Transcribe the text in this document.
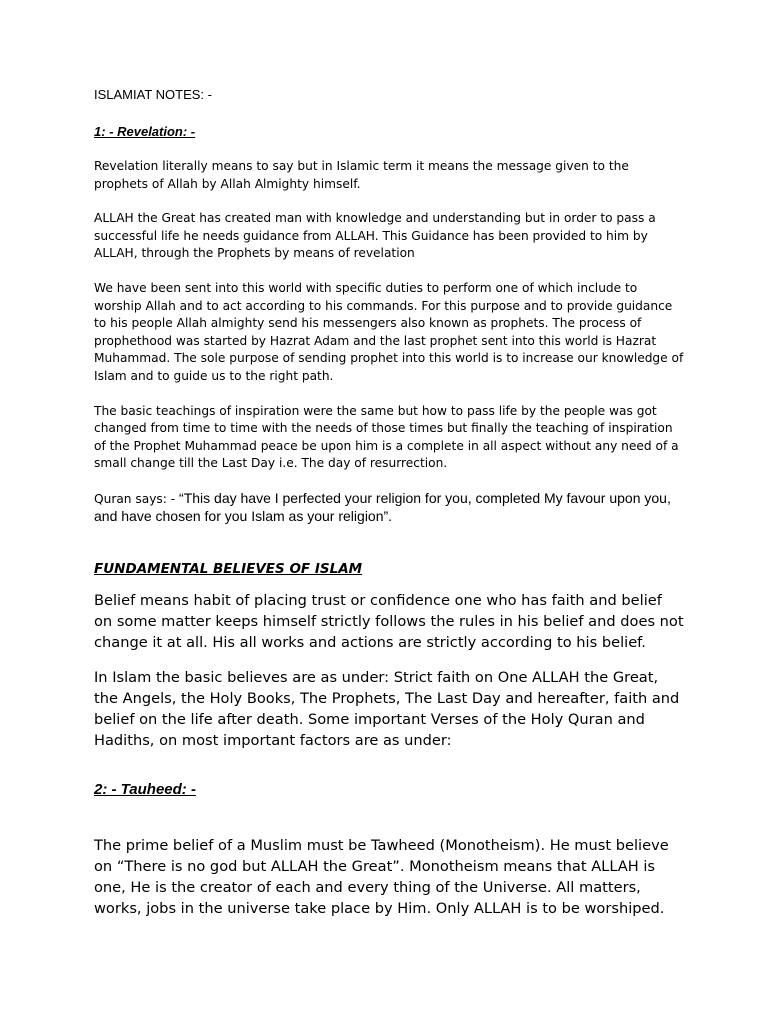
ISLAMIAT NOTES: -

1: - Revelation: -

Revelation literally means to say but in Islamic term it means the message given to the prophets of Allah by Allah Almighty himself.

ALLAH the Great has created man with knowledge and understanding but in order to pass a successful life he needs guidance from ALLAH. This Guidance has been provided to him by ALLAH, through the Prophets by means of revelation

We have been sent into this world with specific duties to perform one of which include to worship Allah and to act according to his commands. For this purpose and to provide guidance to his people Allah almighty send his messengers also known as prophets. The process of prophethood was started by Hazrat Adam and the last prophet sent into this world is Hazrat Muhammad. The sole purpose of sending prophet into this world is to increase our knowledge of Islam and to guide us to the right path.

The basic teachings of inspiration were the same but how to pass life by the people was got changed from time to time with the needs of those times but finally the teaching of inspiration of the Prophet Muhammad peace be upon him is a complete in all aspect without any need of a small change till the Last Day i.e. The day of resurrection.

Quran says: - “This day have I perfected your religion for you, completed My favour upon you, and have chosen for you Islam as your religion”.

FUNDAMENTAL BELIEVES OF ISLAM

Belief means habit of placing trust or confidence one who has faith and belief on some matter keeps himself strictly follows the rules in his belief and does not change it at all. His all works and actions are strictly according to his belief.

In Islam the basic believes are as under: Strict faith on One ALLAH the Great, the Angels, the Holy Books, The Prophets, The Last Day and hereafter, faith and belief on the life after death. Some important Verses of the Holy Quran and Hadiths, on most important factors are as under:

2: - Tauheed: -

The prime belief of a Muslim must be Tawheed (Monotheism). He must believe on “There is no god but ALLAH the Great”. Monotheism means that ALLAH is one, He is the creator of each and every thing of the Universe. All matters, works, jobs in the universe take place by Him. Only ALLAH is to be worshiped.
